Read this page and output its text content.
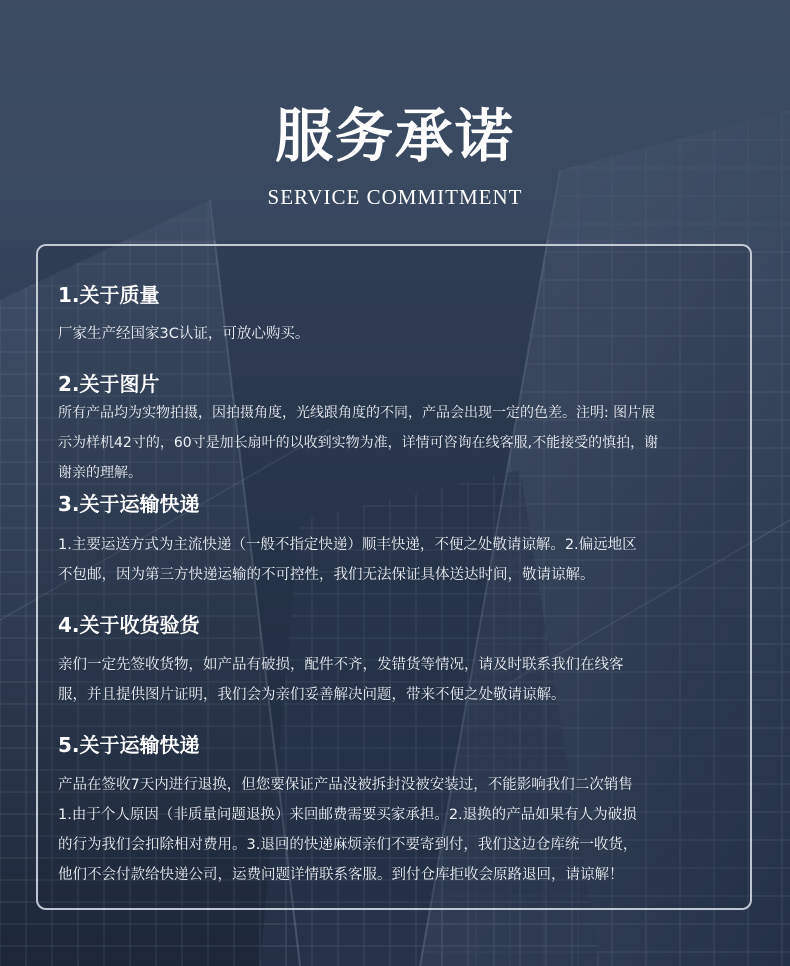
服务承诺
SERVICE COMMITMENT
1.关于质量
厂家生产经国家3C认证，可放心购买。
2.关于图片
所有产品均为实物拍摄，因拍摄角度，光线跟角度的不同，产品会出现一定的色差。注明: 图片展
示为样机42寸的，60寸是加长扇叶的以收到实物为准，详情可咨询在线客服,不能接受的慎拍，谢
谢亲的理解。
3.关于运输快递
1.主要运送方式为主流快递（一般不指定快递）顺丰快递，不便之处敬请谅解。2.偏远地区
不包邮，因为第三方快递运输的不可控性，我们无法保证具体送达时间，敬请谅解。
4.关于收货验货
亲们一定先签收货物，如产品有破损，配件不齐，发错货等情况，请及时联系我们在线客
服，并且提供图片证明，我们会为亲们妥善解决问题，带来不便之处敬请谅解。
5.关于运输快递
产品在签收7天内进行退换，但您要保证产品没被拆封没被安装过，不能影响我们二次销售
1.由于个人原因（非质量问题退换）来回邮费需要买家承担。2.退换的产品如果有人为破损
的行为我们会扣除相对费用。3.退回的快递麻烦亲们不要寄到付，我们这边仓库统一收货，
他们不会付款给快递公司，运费问题详情联系客服。到付仓库拒收会原路退回，请谅解！
